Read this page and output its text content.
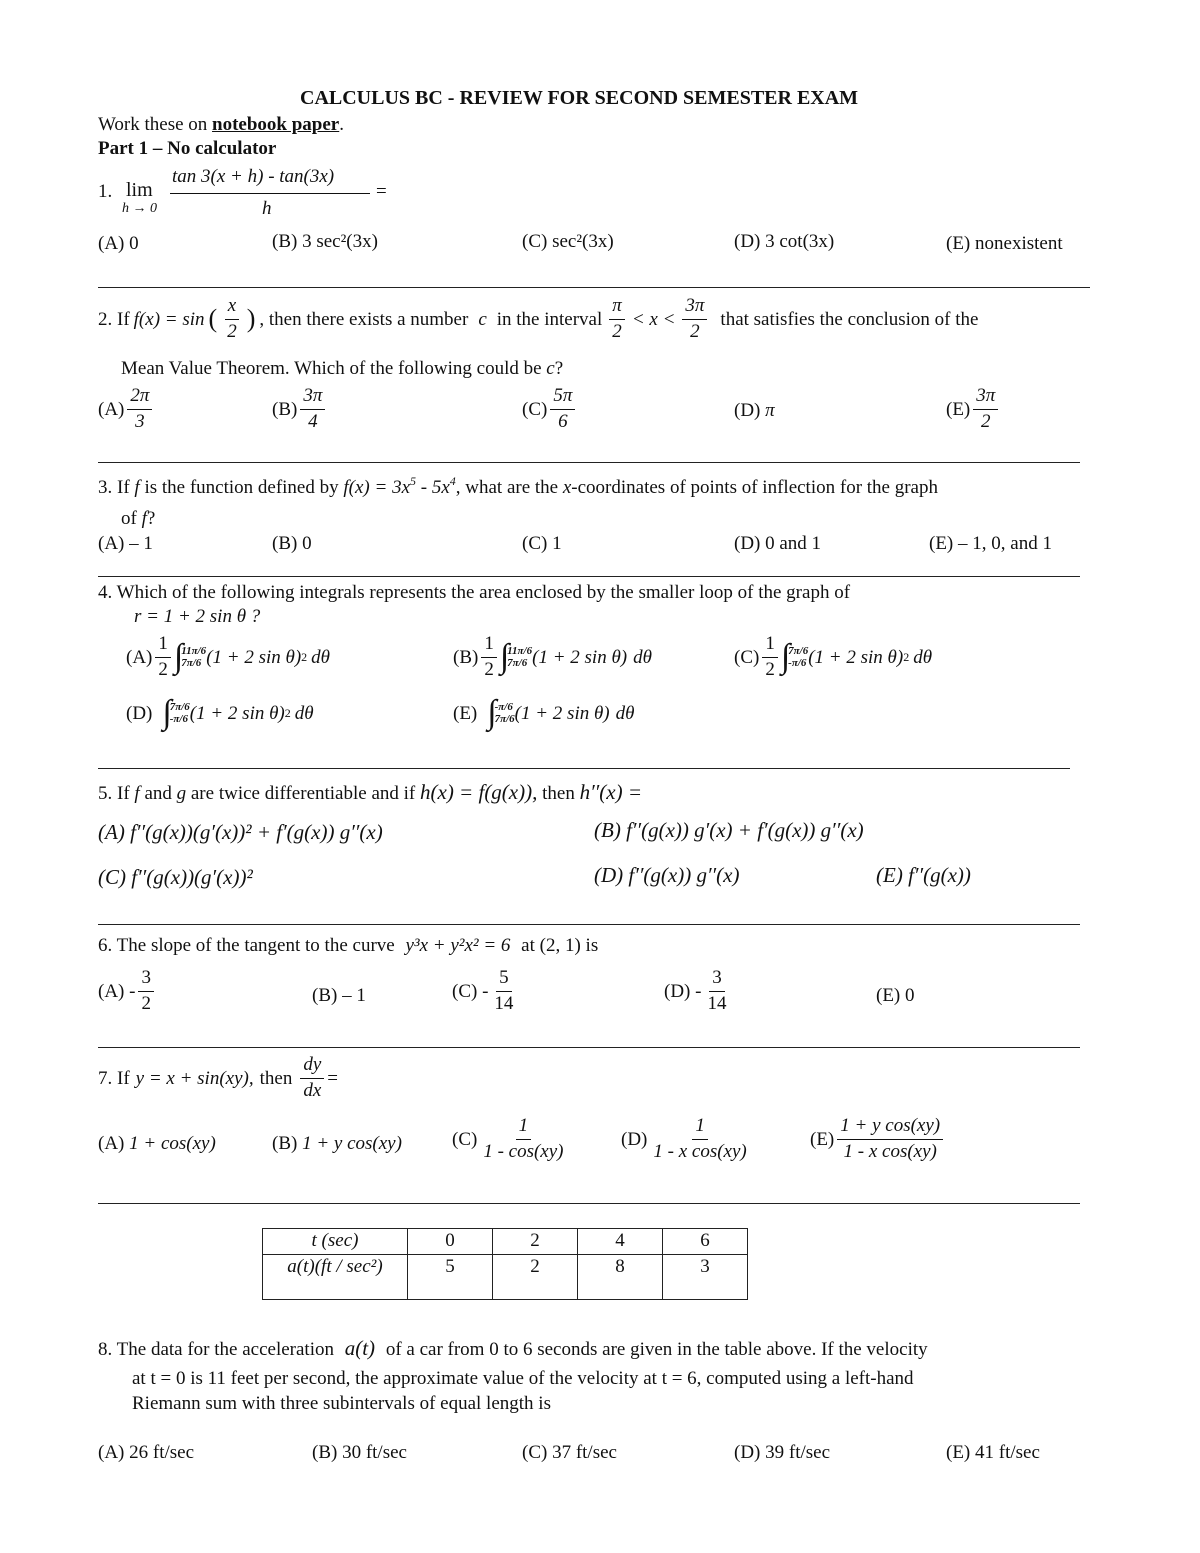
CALCULUS BC - REVIEW FOR SECOND SEMESTER EXAM
Work these on notebook paper.
Part 1 – No calculator
1. lim
h → 0
tan 3(x + h) - tan(3x)
h
=
(A) 0	(B) 3 sec²(3x)	(C) sec²(3x)	(D) 3 cot(3x)	(E) nonexistent
2. If f(x) = sin ( $\frac{x}{2}$ ) , then there exists a number c in the interval $\frac{\pi}{2} < x < \frac{3\pi}{2}$ that satisfies the conclusion of the
Mean Value Theorem. Which of the following could be c?
$(A) \frac{2\pi}{3}$	$(B) \frac{3\pi}{4}$	$(C) \frac{5\pi}{6}$	(D) π	$(E) \frac{3\pi}{2}$
3. If f is the function defined by $f(x) = 3x^5 - 5x^4$, what are the x-coordinates of points of inflection for the graph
of f?
(A) – 1	(B) 0	(C) 1	(D) 0 and 1	(E) – 1, 0, and 1
4. Which of the following integrals represents the area enclosed by the smaller loop of the graph of
r = 1 + 2 sin θ ?
$(A) \frac{1}{2}$ ∫
11π/6
7π/6 (1 + 2 sin θ) 2 dθ	$(B) \frac{1}{2}$ ∫
11π/6
7π/6 (1 + 2 sin θ) dθ	$(C) \frac{1}{2}$ ∫
7π/6
-π/6 (1 + 2 sin θ) 2 dθ
(D) ∫
7π/6
-π/6 (1 + 2 sin θ) 2 dθ	(E) ∫
-π/6
7π/6 (1 + 2 sin θ) dθ
5. If f and g are twice differentiable and if h(x) = f(g(x)), then h′′(x) =
(A) f′′(g(x))(g′(x))² + f′(g(x)) g′′(x)	(B) f′′(g(x)) g′(x) + f′(g(x)) g′′(x)
(C) f′′(g(x))(g′(x))²	(D) f′′(g(x)) g′′(x)	(E) f′′(g(x))
6. The slope of the tangent to the curve y³x + y²x² = 6 at (2, 1) is
$(A) - \frac{3}{2}$	(B) – 1	$(C) - \frac{5}{14}$	$(D) - \frac{3}{14}$	(E) 0
7. If y = x + sin(xy), then $\frac{dy}{dx}$ =
(A) 1 + cos(xy)	(B) 1 + y cos(xy)	$(C) \frac{1}{1 - \cos(xy)}$	$(D) \frac{1}{\text{1 - x cos(xy)}}$	$(E) \frac{\text{1 + y cos(xy)}}{\text{1 - x cos(xy)}}$
t (sec)	0	2	4	6
a(t)(ft / sec²)	5	2	8	3
8. The data for the acceleration a(t) of a car from 0 to 6 seconds are given in the table above. If the velocity
at t = 0 is 11 feet per second, the approximate value of the velocity at t = 6, computed using a left-hand
Riemann sum with three subintervals of equal length is
(A) 26 ft/sec	(B) 30 ft/sec	(C) 37 ft/sec	(D) 39 ft/sec	(E) 41 ft/sec
